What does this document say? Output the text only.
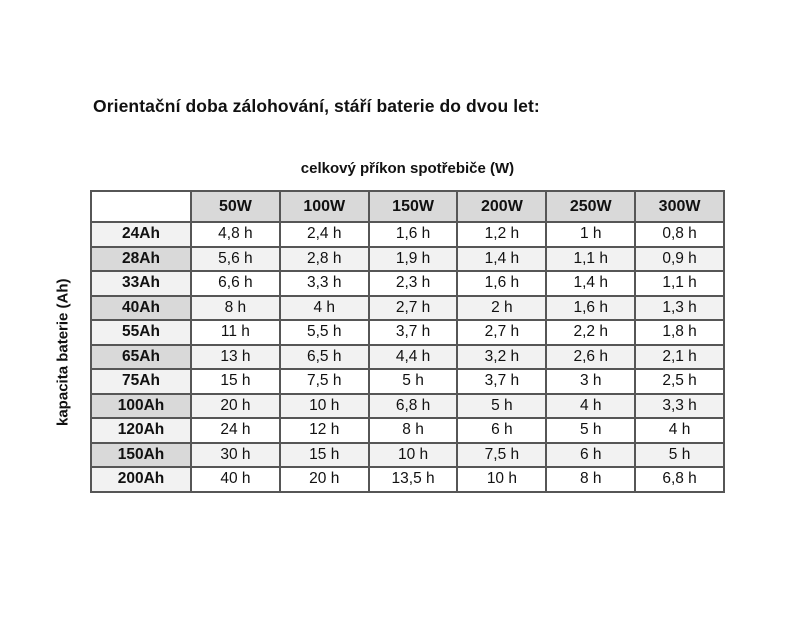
Orientační doba zálohování, stáří baterie do dvou let:
celkový příkon spotřebiče (W)
kapacita baterie (Ah)
	50W	100W	150W	200W	250W	300W
24Ah	4,8 h	2,4 h	1,6 h	1,2 h	1 h	0,8 h
28Ah	5,6 h	2,8 h	1,9 h	1,4 h	1,1 h	0,9 h
33Ah	6,6 h	3,3 h	2,3 h	1,6 h	1,4 h	1,1 h
40Ah	8 h	4 h	2,7 h	2 h	1,6 h	1,3 h
55Ah	11 h	5,5 h	3,7 h	2,7 h	2,2 h	1,8 h
65Ah	13 h	6,5 h	4,4 h	3,2 h	2,6 h	2,1 h
75Ah	15 h	7,5 h	5 h	3,7 h	3 h	2,5 h
100Ah	20 h	10 h	6,8 h	5 h	4 h	3,3 h
120Ah	24 h	12 h	8 h	6 h	5 h	4 h
150Ah	30 h	15 h	10 h	7,5 h	6 h	5 h
200Ah	40 h	20 h	13,5 h	10 h	8 h	6,8 h
